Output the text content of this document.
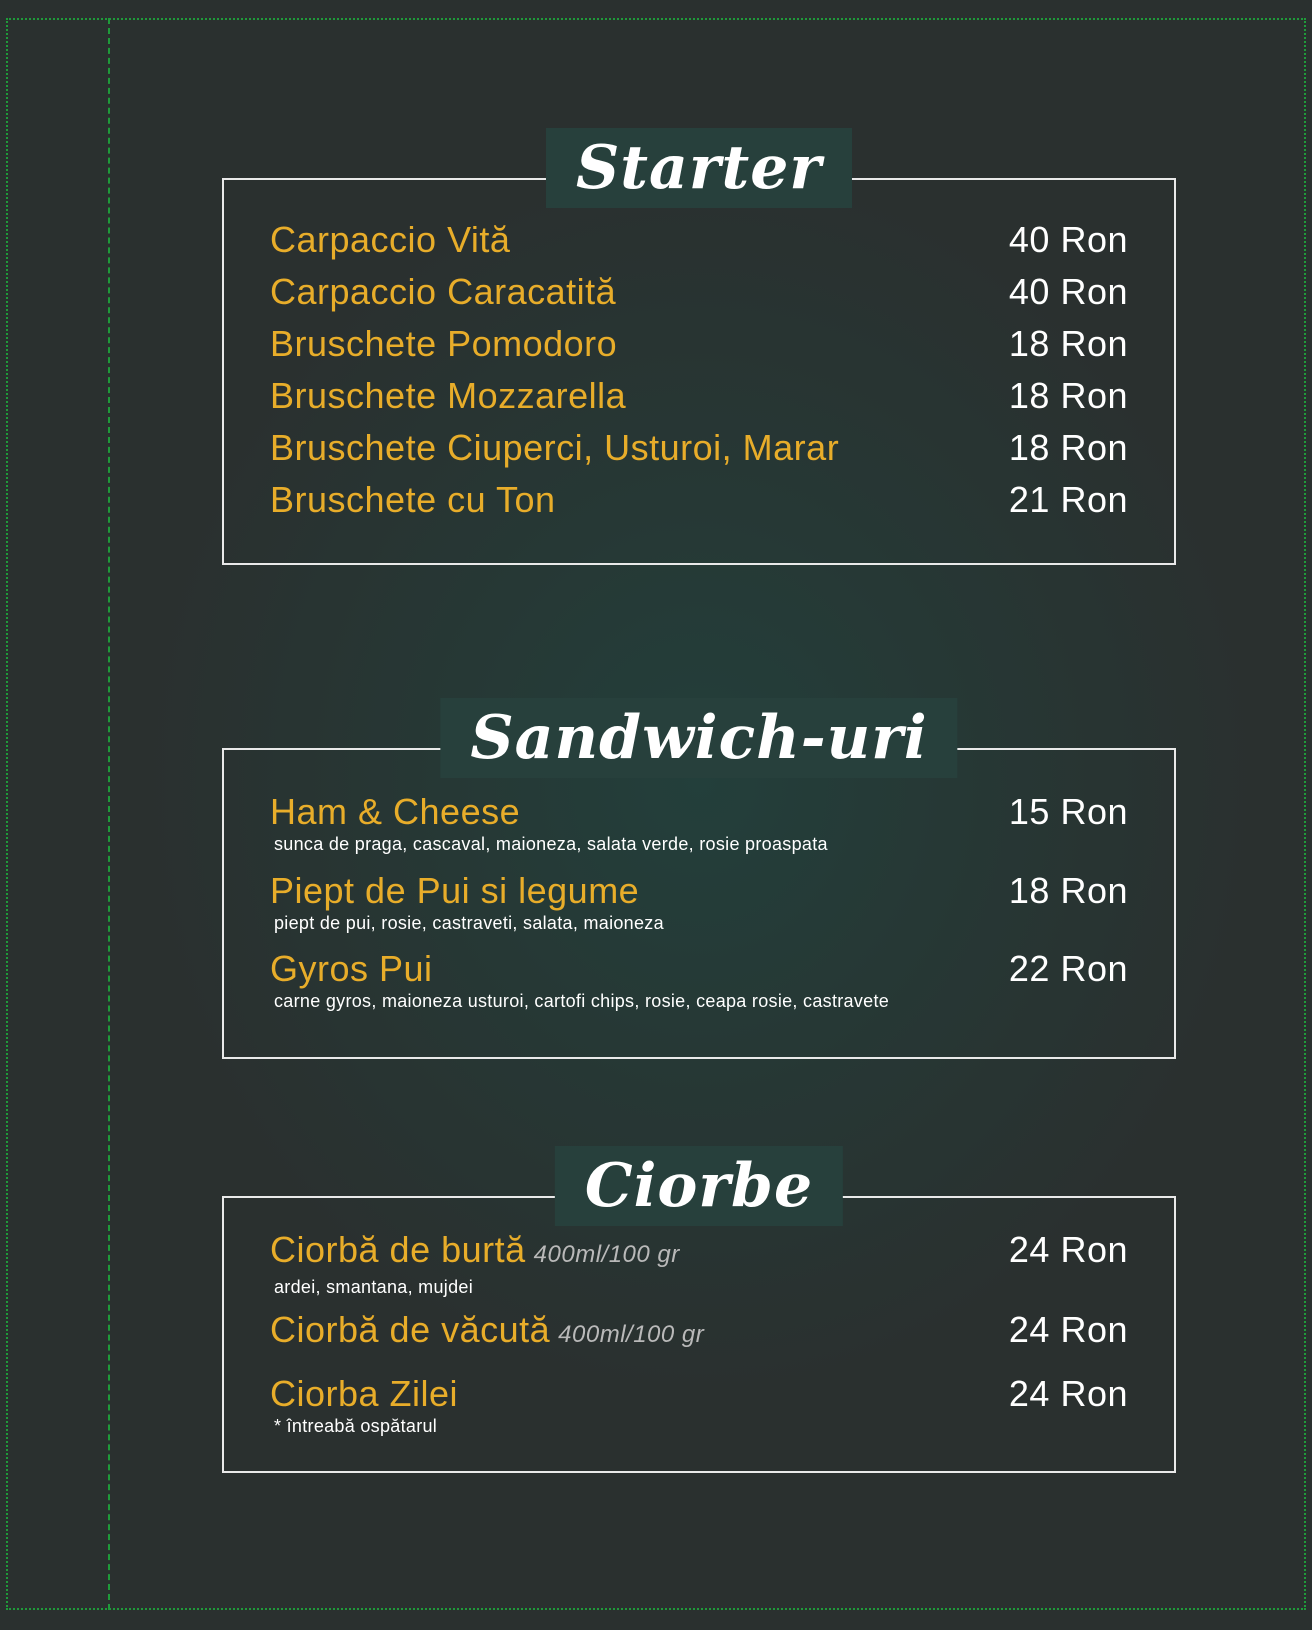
Starter
Carpaccio Vită	40 Ron
Carpaccio Caracatită	40 Ron
Bruschete Pomodoro	18 Ron
Bruschete Mozzarella	18 Ron
Bruschete Ciuperci, Usturoi, Marar	18 Ron
Bruschete cu Ton	21 Ron
Sandwich-uri
Ham & Cheese
sunca de praga, cascaval, maioneza, salata verde, rosie proaspata
15 Ron
Piept de Pui si legume
piept de pui, rosie, castraveti, salata, maioneza
18 Ron
Gyros Pui
carne gyros, maioneza usturoi, cartofi chips, rosie, ceapa rosie, castravete
22 Ron
Ciorbe
Ciorbă de burtă 400ml/100 gr
ardei, smantana, mujdei
24 Ron
Ciorbă de văcută 400ml/100 gr	24 Ron
Ciorba Zilei
* întreabă ospătarul
24 Ron
